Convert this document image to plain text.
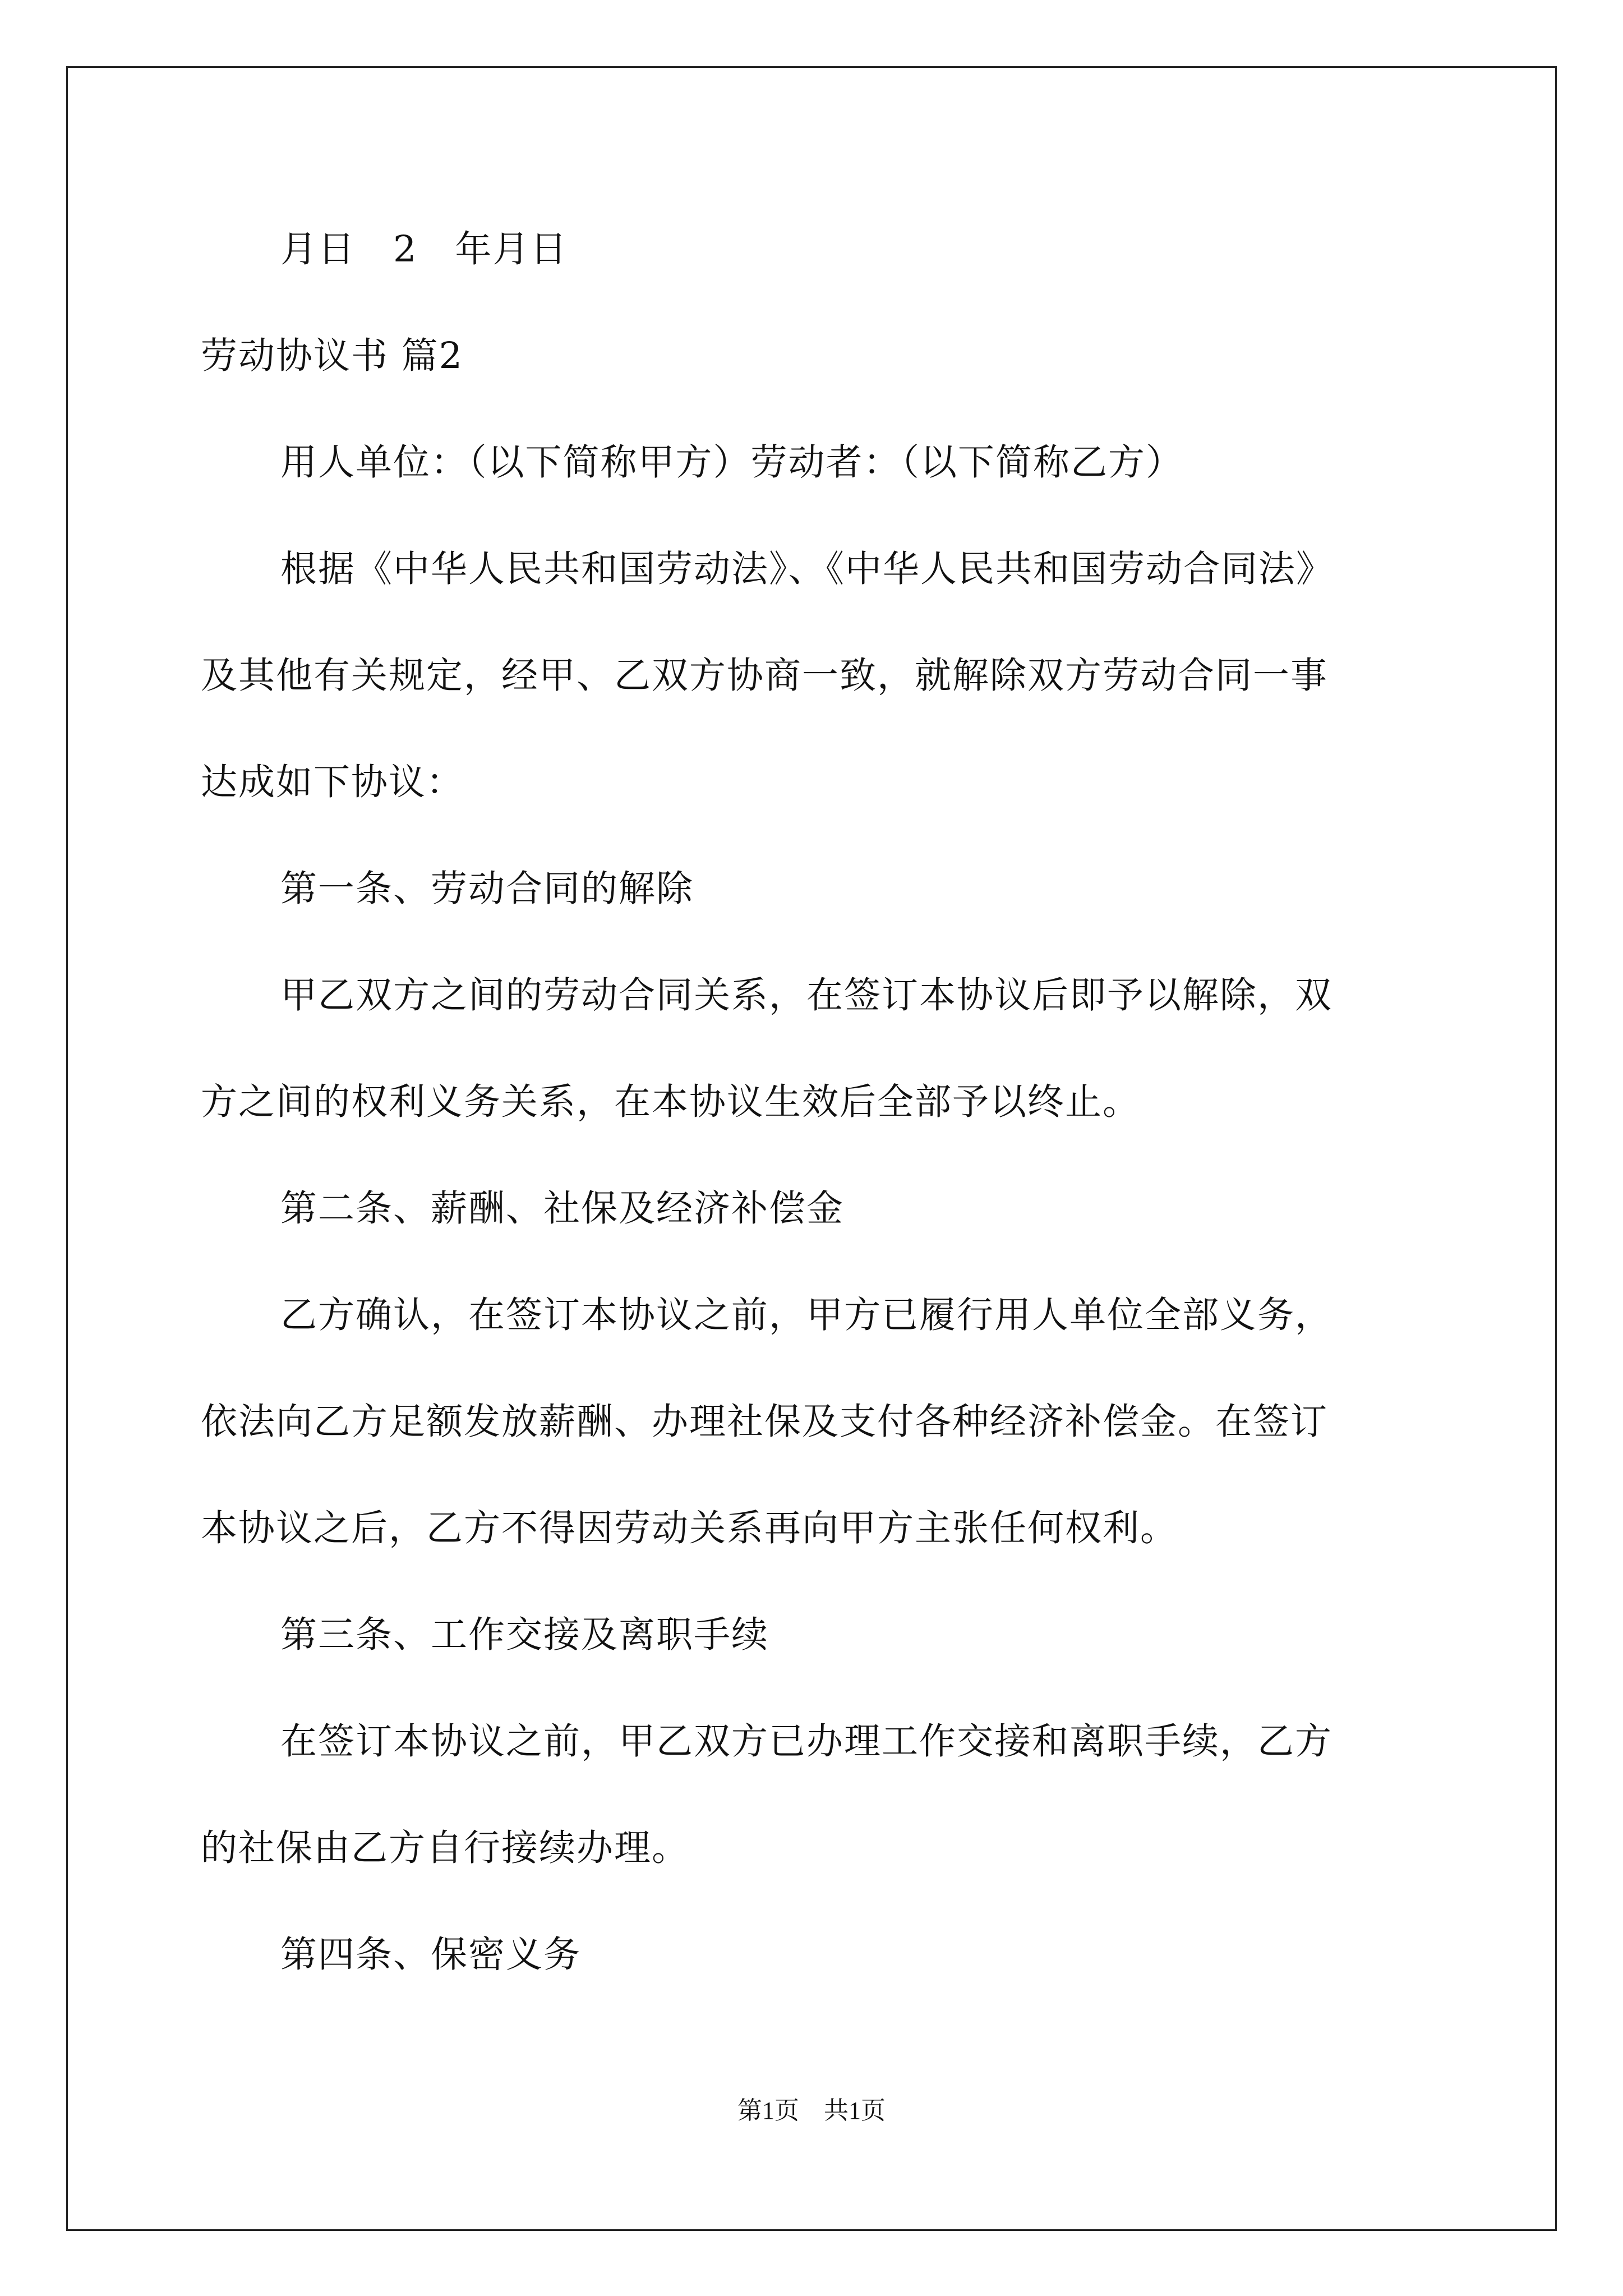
月日　2　年月日
劳动协议书 篇2
用人单位：（以下简称甲方）劳动者：（以下简称乙方）
根据《中华人民共和国劳动法》、《中华人民共和国劳动合同法》
及其他有关规定，经甲、乙双方协商一致，就解除双方劳动合同一事
达成如下协议：
第一条、劳动合同的解除
甲乙双方之间的劳动合同关系，在签订本协议后即予以解除，双
方之间的权利义务关系，在本协议生效后全部予以终止。
第二条、薪酬、社保及经济补偿金
乙方确认，在签订本协议之前，甲方已履行用人单位全部义务，
依法向乙方足额发放薪酬、办理社保及支付各种经济补偿金。在签订
本协议之后，乙方不得因劳动关系再向甲方主张任何权利。
第三条、工作交接及离职手续
在签订本协议之前，甲乙双方已办理工作交接和离职手续，乙方
的社保由乙方自行接续办理。
第四条、保密义务
第1页　共1页
